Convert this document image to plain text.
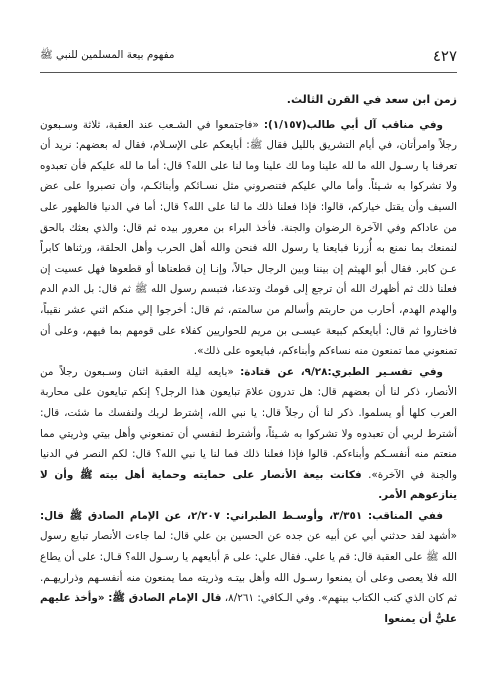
٤٢٧
مفهوم بيعة المسلمين للنبي ﷺ

زمن ابن سعد في القرن الثالث.

وفي مناقب آل أبي طالب(١/١٥٧): «فاجتمعوا في الشـعب عند العقبة، ثلاثة وسـبعون رجلاً وامرأتان، في أيام التشريق بالليل فقال ﷺ: أبايعكم على الإسـلام، فقال له بعضهم: نريد أن تعرفنا يا رسـول الله ما لله علينا وما لك علينا وما لنا على الله؟ قال: أما ما لله عليكم فأن تعبدوه ولا تشركوا به شـيئاً. وأما مالي عليكم فتنصروني مثل نسـائكم وأبنائكـم، وأن تصبروا على عض السيف وأن يقتل خياركم، قالوا: فإذا فعلنا ذلك ما لنا على الله؟ قال: أما في الدنيا فالظهور على من عاداكم وفي الآخرة الرضوان والجنة. فأخذ البراء بن معرور بيده ثم قال: والذي بعثك بالحق لنمنعك بما نمنع به أُزرنا فبايعنا يا رسول الله فنحن والله أهل الحرب وأهل الحلقة، ورثناها كابراً عـن كابر. فقال أبو الهيثم إن بيننا وبين الرجال حبالاً، وإنـا إن قطعناها أو قطعوها فهل عسيت إن فعلنا ذلك ثم أظهرك الله أن ترجع إلى قومك وتدعنا، فتبسم رسول الله ﷺ ثم قال: بل الدم الدم والهدم الهدم، أحارب من حاربتم وأسالم من سالمتم، ثم قال: أخرجوا إلي منكم اثني عشر نقيباً، فاختاروا ثم قال: أبايعكم كبيعة عيسـى بن مريم للحواريين كفلاء على قومهم بما فيهم، وعلى أن تمنعوني مما تمنعون منه نساءكم وأبناءكم، فبايعوه على ذلك».

وفي تفسـير الطبري:٩/٢٨، عن قتادة: «بايعه ليلة العقبة اثنان وسـبعون رجلاً من الأنصار، ذكر لنا أن بعضهم قال: هل تدرون علامَ تبايعون هذا الرجل؟ إنكم تبايعون على محاربة العرب كلها أو يسلموا. ذكر لنا أن رجلاً قال: يا نبي الله، إشترط لربك ولنفسك ما شئت، قال: أشترط لربي أن تعبدوه ولا تشركوا به شـيئاً، وأشترط لنفسي أن تمنعوني وأهل بيتي وذريتي مما منعتم منه أنفسـكم وأبناءكم. قالوا فإذا فعلنا ذلك فما لنا يا نبي الله؟ قال: لكم النصر في الدنيا والجنة في الآخرة». فكانت بيعة الأنصار على حمايته وحماية أهل بيته ﷺ وأن لا ينازعوهم الأمر.

ففي المناقب: ٣/٣٥١، وأوسـط الطبراني: ٢/٢٠٧، عن الإمام الصادق ﷺ قال: «أشهد لقد حدثني أبي عن أبيه عن جده عن الحسين بن علي قال: لما جاءت الأنصار تبايع رسول الله ﷺ على العقبة قال: قم يا علي. فقال علي: على مَ أبايعهم يا رسـول الله؟ قـال: على أن يطاع الله فلا يعصى وعلى أن يمنعوا رسـول الله وأهل بيتـه وذريته مما يمنعون منه أنفسـهم وذراريهـم. ثم كان الذي كتب الكتاب بينهم». وفي الـكافي: ٨/٢٦١، قال الإمام الصادق ﷺ: «وأخذ عليهم عليٌّ أن يمنعوا
